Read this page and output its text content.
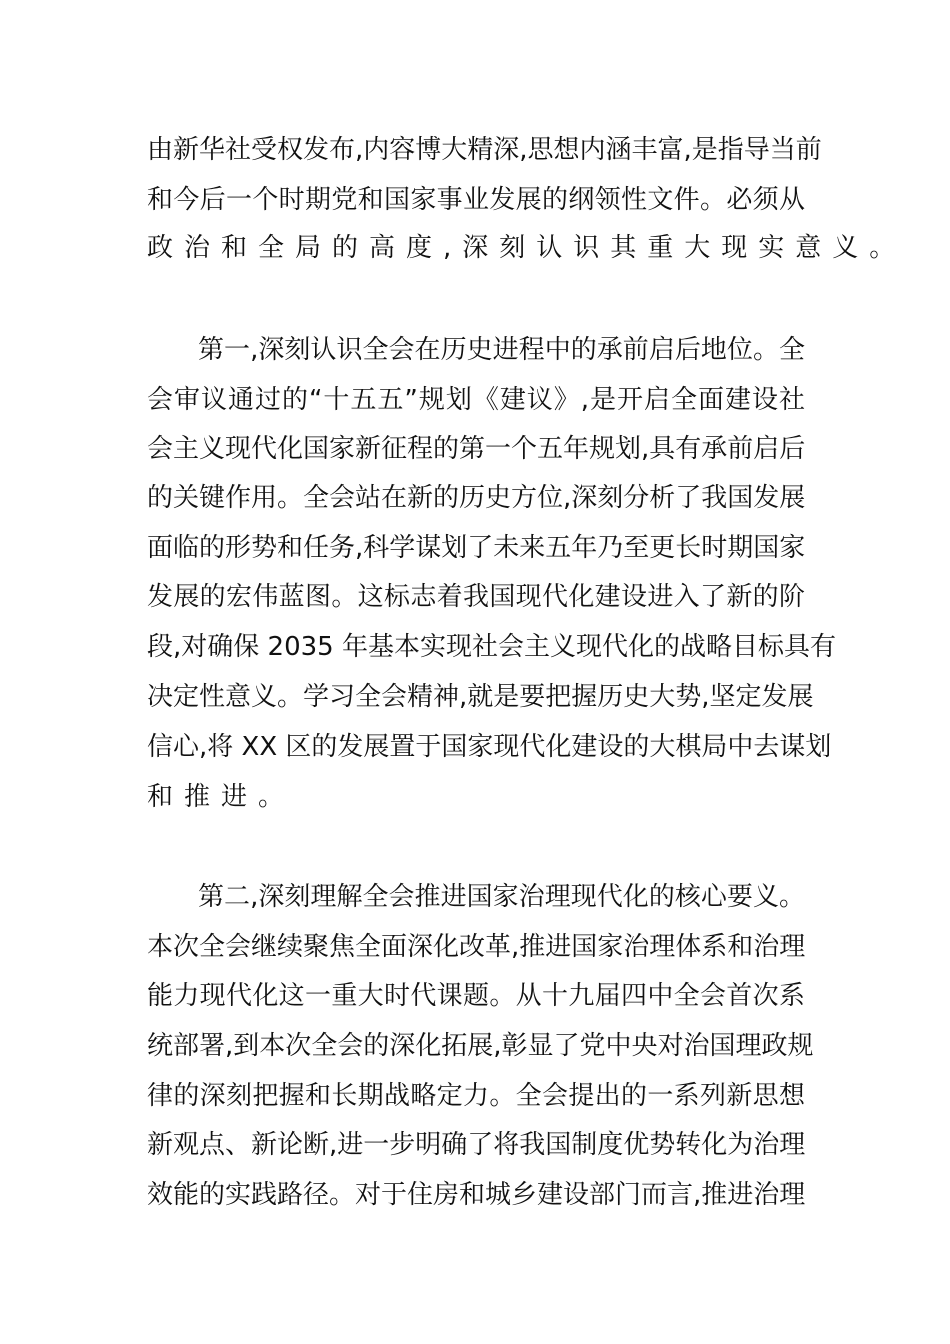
由新华社受权发布,内容博大精深,思想内涵丰富,是指导当前
和今后一个时期党和国家事业发展的纲领性文件。必须从
政治和全局的高度,深刻认识其重大现实意义。
第一,深刻认识全会在历史进程中的承前启后地位。全
会审议通过的“十五五”规划《建议》,是开启全面建设社
会主义现代化国家新征程的第一个五年规划,具有承前启后
的关键作用。全会站在新的历史方位,深刻分析了我国发展
面临的形势和任务,科学谋划了未来五年乃至更长时期国家
发展的宏伟蓝图。这标志着我国现代化建设进入了新的阶
段,对确保 2035 年基本实现社会主义现代化的战略目标具有
决定性意义。学习全会精神,就是要把握历史大势,坚定发展
信心,将 XX 区的发展置于国家现代化建设的大棋局中去谋划
和推进。
第二,深刻理解全会推进国家治理现代化的核心要义。
本次全会继续聚焦全面深化改革,推进国家治理体系和治理
能力现代化这一重大时代课题。从十九届四中全会首次系
统部署,到本次全会的深化拓展,彰显了党中央对治国理政规
律的深刻把握和长期战略定力。全会提出的一系列新思想
新观点、新论断,进一步明确了将我国制度优势转化为治理
效能的实践路径。对于住房和城乡建设部门而言,推进治理
